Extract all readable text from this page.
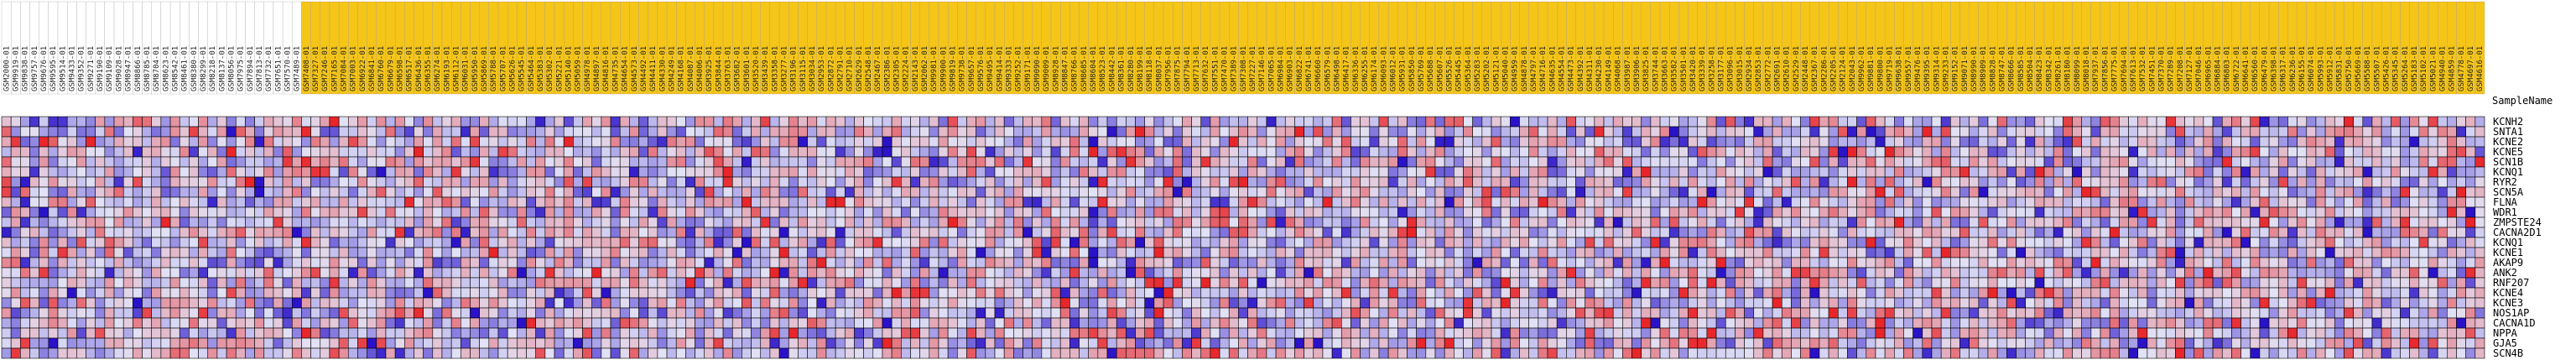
GSM2000-01 GSM9919-01 GSM9838-01 GSM9757-01 GSM9676-01 GSM9595-01 GSM9514-01 GSM9433-01 GSM9352-01 GSM9271-01 GSM9190-01 GSM9109-01 GSM9028-01 GSM8947-01 GSM8866-01 GSM8785-01 GSM8704-01 GSM8623-01 GSM8542-01 GSM8461-01 GSM8380-01 GSM8299-01 GSM8218-01 GSM8137-01 GSM8056-01 GSM7975-01 GSM7894-01 GSM7813-01 GSM7732-01 GSM7651-01 GSM7570-01 GSM7489-01 GSM7408-01 GSM7327-01 GSM7246-01 GSM7165-01 GSM7084-01 GSM7003-01 GSM6922-01 GSM6841-01 GSM6760-01 GSM6679-01 GSM6598-01 GSM6517-01 GSM6436-01 GSM6355-01 GSM6274-01 GSM6193-01 GSM6112-01 GSM6031-01 GSM5950-01 GSM5869-01 GSM5788-01 GSM5707-01 GSM5626-01 GSM5545-01 GSM5464-01 GSM5383-01 GSM5302-01 GSM5221-01 GSM5140-01 GSM5059-01 GSM4978-01 GSM4897-01 GSM4816-01 GSM4735-01 GSM4654-01 GSM4573-01 GSM4492-01 GSM4411-01 GSM4330-01 GSM4249-01 GSM4168-01 GSM4087-01 GSM4006-01 GSM3925-01 GSM3844-01 GSM3763-01 GSM3682-01 GSM3601-01 GSM3520-01 GSM3439-01 GSM3358-01 GSM3277-01 GSM3196-01 GSM3115-01 GSM3034-01 GSM2953-01 GSM2872-01 GSM2791-01 GSM2710-01 GSM2629-01 GSM2548-01 GSM2467-01 GSM2386-01 GSM2305-01 GSM2224-01 GSM2143-01 GSM2062-01 GSM9981-01 GSM9900-01 GSM9819-01 GSM9738-01 GSM9657-01 GSM9576-01 GSM9495-01 GSM9414-01 GSM9333-01 GSM9252-01 GSM9171-01 GSM9090-01 GSM9009-01 GSM8928-01 GSM8847-01 GSM8766-01 GSM8685-01 GSM8604-01 GSM8523-01 GSM8442-01 GSM8361-01 GSM8280-01 GSM8199-01 GSM8118-01 GSM8037-01 GSM7956-01 GSM7875-01 GSM7794-01 GSM7713-01 GSM7632-01 GSM7551-01 GSM7470-01 GSM7389-01 GSM7308-01 GSM7227-01 GSM7146-01 GSM7065-01 GSM6984-01 GSM6903-01 GSM6822-01 GSM6741-01 GSM6660-01 GSM6579-01 GSM6498-01 GSM6417-01 GSM6336-01 GSM6255-01 GSM6174-01 GSM6093-01 GSM6012-01 GSM5931-01 GSM5850-01 GSM5769-01 GSM5688-01 GSM5607-01 GSM5526-01 GSM5445-01 GSM5364-01 GSM5283-01 GSM5202-01 GSM5121-01 GSM5040-01 GSM4959-01 GSM4878-01 GSM4797-01 GSM4716-01 GSM4635-01 GSM4554-01 GSM4473-01 GSM4392-01 GSM4311-01 GSM4230-01 GSM4149-01 GSM4068-01 GSM3987-01 GSM3906-01 GSM3825-01 GSM3744-01 GSM3663-01 GSM3582-01 GSM3501-01 GSM3420-01 GSM3339-01 GSM3258-01 GSM3177-01 GSM3096-01 GSM3015-01 GSM2934-01 GSM2853-01 GSM2772-01 GSM2691-01 GSM2610-01 GSM2529-01 GSM2448-01 GSM2367-01 GSM2286-01 GSM2205-01 GSM2124-01 GSM2043-01 GSM9962-01 GSM9881-01 GSM9800-01 GSM9719-01 GSM9638-01 GSM9557-01 GSM9476-01 GSM9395-01 GSM9314-01 GSM9233-01 GSM9152-01 GSM9071-01 GSM8990-01 GSM8909-01 GSM8828-01 GSM8747-01 GSM8666-01 GSM8585-01 GSM8504-01 GSM8423-01 GSM8342-01 GSM8261-01 GSM8180-01 GSM8099-01 GSM8018-01 GSM7937-01 GSM7856-01 GSM7775-01 GSM7694-01 GSM7613-01 GSM7532-01 GSM7451-01 GSM7370-01 GSM7289-01 GSM7208-01 GSM7127-01 GSM7046-01 GSM6965-01 GSM6884-01 GSM6803-01 GSM6722-01 GSM6641-01 GSM6560-01 GSM6479-01 GSM6398-01 GSM6317-01 GSM6236-01 GSM6155-01 GSM6074-01 GSM5993-01 GSM5912-01 GSM5831-01 GSM5750-01 GSM5669-01 GSM5588-01 GSM5507-01 GSM5426-01 GSM5345-01 GSM5264-01 GSM5183-01 GSM5102-01 GSM5021-01 GSM4940-01 GSM4859-01 GSM4778-01 GSM4697-01 GSM4616-01
KCNH2
SNTA1
KCNE2
KCNE5
SCN1B
KCNQ1
RYR2
SCN5A
FLNA
WDR1
ZMPSTE24
CACNA2D1
KCNQ1
KCNE1
AKAP9
ANK2
RNF207
KCNE4
KCNE3
NOS1AP
CACNA1D
NPPA
GJA5
SCN4B
SampleName
